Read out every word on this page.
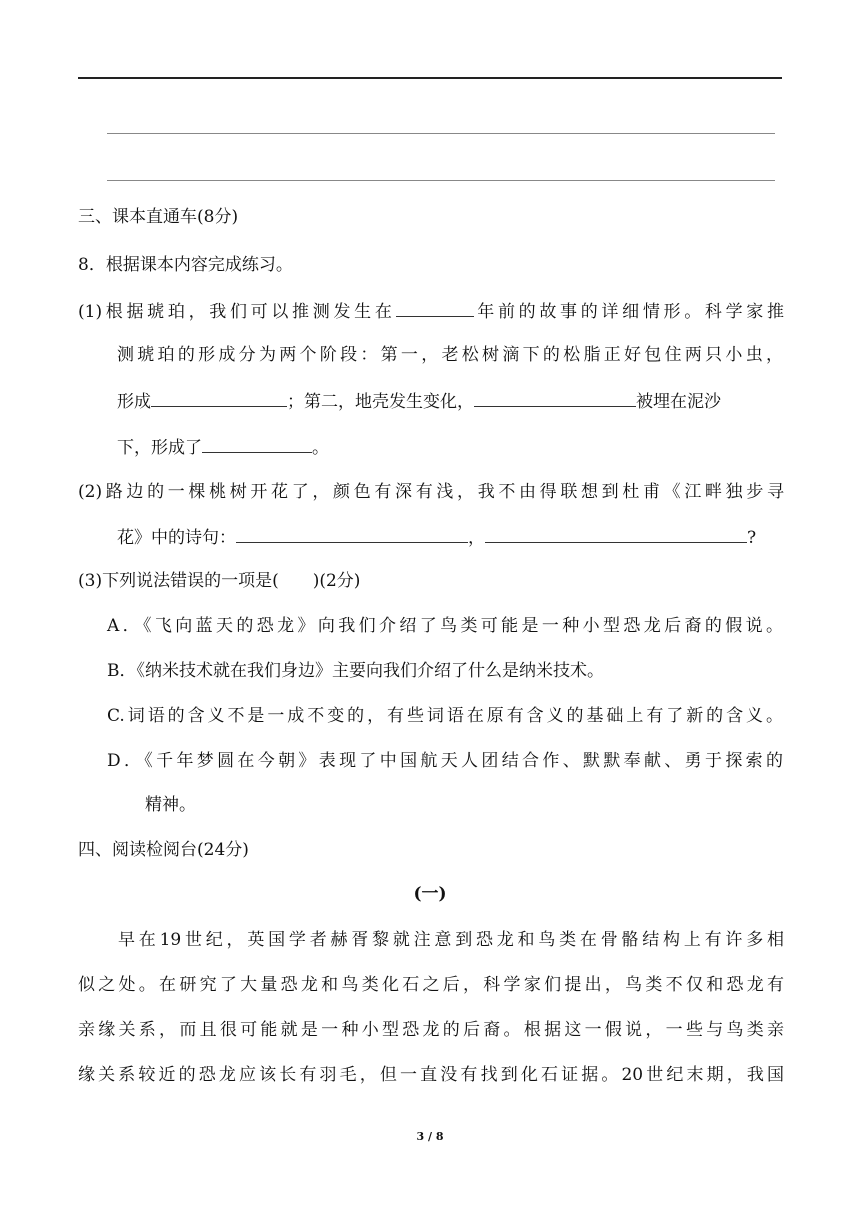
三、课本直通车(8分)
8．根据课本内容完成练习。
(1)根据琥珀，我们可以推测发生在	年前的故事的详细情形。科学家推
测琥珀的形成分为两个阶段：第一，老松树滴下的松脂正好包住两只小虫，
形成	；第二，地壳发生变化，	被埋在泥沙
下，形成了	。
(2)路边的一棵桃树开花了，颜色有深有浅，我不由得联想到杜甫《江畔独步寻
花》中的诗句：	，	?
(3)下列说法错误的一项是(　　)(2分)
A．《飞向蓝天的恐龙》向我们介绍了鸟类可能是一种小型恐龙后裔的假说。
B．《纳米技术就在我们身边》主要向我们介绍了什么是纳米技术。
C.词语的含义不是一成不变的，有些词语在原有含义的基础上有了新的含义。
D．《千年梦圆在今朝》表现了中国航天人团结合作、默默奉献、勇于探索的
精神。
四、阅读检阅台(24分)
(一)
早在19世纪，英国学者赫胥黎就注意到恐龙和鸟类在骨骼结构上有许多相
似之处。在研究了大量恐龙和鸟类化石之后，科学家们提出，鸟类不仅和恐龙有
亲缘关系，而且很可能就是一种小型恐龙的后裔。根据这一假说，一些与鸟类亲
缘关系较近的恐龙应该长有羽毛，但一直没有找到化石证据。20世纪末期，我国
3 / 8
